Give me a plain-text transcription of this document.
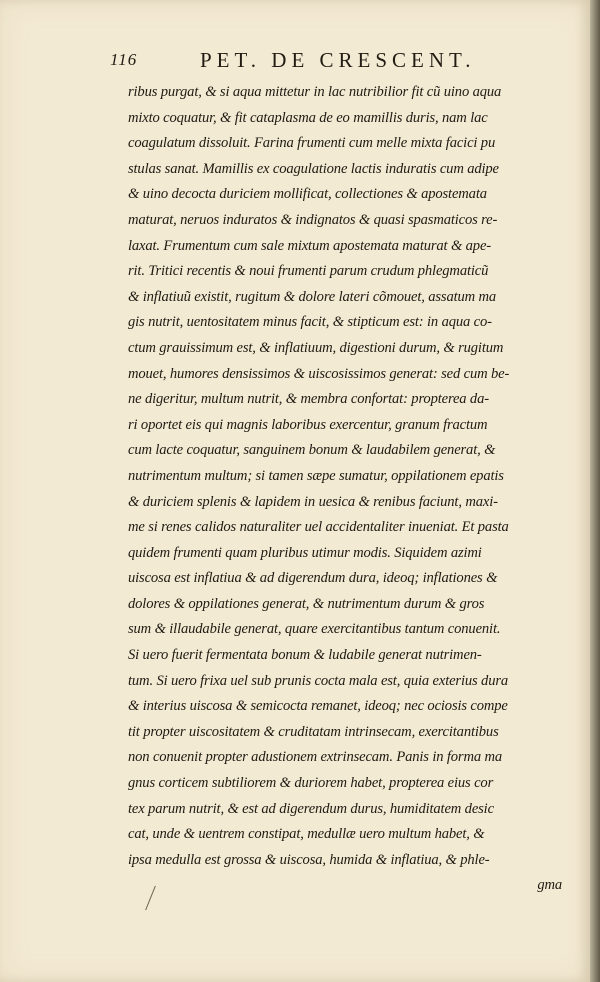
116	PET. DE CRESCENT.
ribus purgat, & si aqua mittetur in lac nutribilior fit cũ uino aqua
mixto coquatur, & fit cataplasma de eo mamillis duris, nam lac
coagulatum dissoluit. Farina frumenti cum melle mixta facici pu
stulas sanat. Mamillis ex coagulatione lactis induratis cum adipe
& uino decocta duriciem mollificat, collectiones & apostemata
maturat, neruos induratos & indignatos & quasi spasmaticos re-
laxat. Frumentum cum sale mixtum apostemata maturat & ape-
rit. Tritici recentis & noui frumenti parum crudum phlegmaticũ
& inflatiuũ existit, rugitum & dolore lateri cõmouet, assatum ma
gis nutrit, uentositatem minus facit, & stipticum est: in aqua co-
ctum grauissimum est, & inflatiuum, digestioni durum, & rugitum
mouet, humores densissimos & uiscosissimos generat: sed cum be-
ne digeritur, multum nutrit, & membra confortat: propterea da-
ri oportet eis qui magnis laboribus exercentur, granum fractum
cum lacte coquatur, sanguinem bonum & laudabilem generat, &
nutrimentum multum; si tamen sæpe sumatur, oppilationem epatis
& duriciem splenis & lapidem in uesica & renibus faciunt, maxi-
me si renes calidos naturaliter uel accidentaliter inueniat. Et pasta
quidem frumenti quam pluribus utimur modis. Siquidem azimi
uiscosa est inflatiua & ad digerendum dura, ideoq; inflationes &
dolores & oppilationes generat, & nutrimentum durum & gros
sum & illaudabile generat, quare exercitantibus tantum conuenit.
Si uero fuerit fermentata bonum & ludabile generat nutrimen-
tum. Si uero frixa uel sub prunis cocta mala est, quia exterius dura
& interius uiscosa & semicocta remanet, ideoq; nec ociosis compe
tit propter uiscositatem & cruditatam intrinsecam, exercitantibus
non conuenit propter adustionem extrinsecam. Panis in forma ma
gnus corticem subtiliorem & duriorem habet, propterea eius cor
tex parum nutrit, & est ad digerendum durus, humiditatem desic
cat, unde & uentrem constipat, medullæ uero multum habet, &
ipsa medulla est grossa & uiscosa, humida & inflatiua, & phle-
gma
